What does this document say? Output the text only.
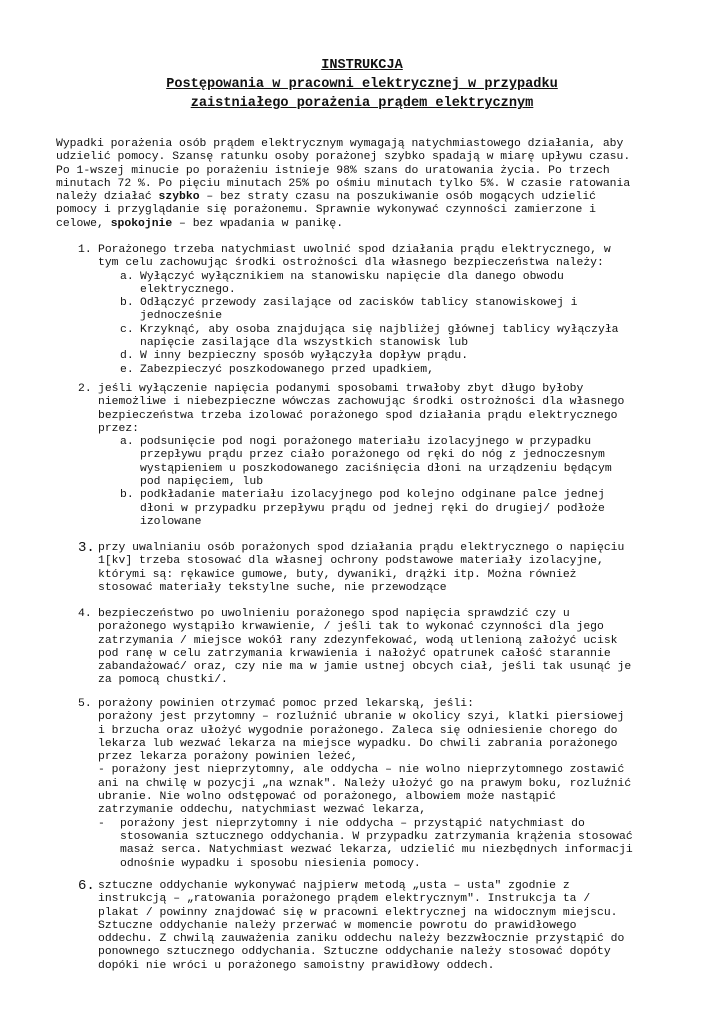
INSTRUKCJA
Postępowania w pracowni elektrycznej w przypadku
zaistniałego porażenia prądem elektrycznym
Wypadki porażenia osób prądem elektrycznym wymagają natychmiastowego działania, aby
udzielić pomocy. Szansę ratunku osoby porażonej szybko spadają w miarę upływu czasu.
Po 1-wszej minucie po porażeniu istnieje 98% szans do uratowania życia. Po trzech
minutach 72 %. Po pięciu minutach 25% po ośmiu minutach tylko 5%. W czasie ratowania
należy działać szybko – bez straty czasu na poszukiwanie osób mogących udzielić
pomocy i przyglądanie się porażonemu. Sprawnie wykonywać czynności zamierzone i
celowe, spokojnie – bez wpadania w panikę.
1. Porażonego trzeba natychmiast uwolnić spod działania prądu elektrycznego, w
tym celu zachowując środki ostrożności dla własnego bezpieczeństwa należy:
a. Wyłączyć wyłącznikiem na stanowisku napięcie dla danego obwodu
elektrycznego.
b. Odłączyć przewody zasilające od zacisków tablicy stanowiskowej i
jednocześnie
c. Krzyknąć, aby osoba znajdująca się najbliżej głównej tablicy wyłączyła
napięcie zasilające dla wszystkich stanowisk lub
d. W inny bezpieczny sposób wyłączyła dopływ prądu.
e. Zabezpieczyć poszkodowanego przed upadkiem,
2. jeśli wyłączenie napięcia podanymi sposobami trwałoby zbyt długo byłoby
niemożliwe i niebezpieczne wówczas zachowując środki ostrożności dla własnego
bezpieczeństwa trzeba izolować porażonego spod działania prądu elektrycznego
przez:
a. podsunięcie pod nogi porażonego materiału izolacyjnego w przypadku
przepływu prądu przez ciało porażonego od ręki do nóg z jednoczesnym
wystąpieniem u poszkodowanego zaciśnięcia dłoni na urządzeniu będącym
pod napięciem, lub
b. podkładanie materiału izolacyjnego pod kolejno odginane palce jednej
dłoni w przypadku przepływu prądu od jednej ręki do drugiej/ podłoże
izolowane
3. przy uwalnianiu osób porażonych spod działania prądu elektrycznego o napięciu
1[kv] trzeba stosować dla własnej ochrony podstawowe materiały izolacyjne,
którymi są: rękawice gumowe, buty, dywaniki, drążki itp. Można również
stosować materiały tekstylne suche, nie przewodzące
4. bezpieczeństwo po uwolnieniu porażonego spod napięcia sprawdzić czy u
porażonego wystąpiło krwawienie, / jeśli tak to wykonać czynności dla jego
zatrzymania / miejsce wokół rany zdezynfekować, wodą utlenioną założyć ucisk
pod ranę w celu zatrzymania krwawienia i nałożyć opatrunek całość starannie
zabandażować/ oraz, czy nie ma w jamie ustnej obcych ciał, jeśli tak usunąć je
za pomocą chustki/.
5. porażony powinien otrzymać pomoc przed lekarską, jeśli:
porażony jest przytomny – rozluźnić ubranie w okolicy szyi, klatki piersiowej
i brzucha oraz ułożyć wygodnie porażonego. Zaleca się odniesienie chorego do
lekarza lub wezwać lekarza na miejsce wypadku. Do chwili zabrania porażonego
przez lekarza porażony powinien leżeć,
- porażony jest nieprzytomny, ale oddycha – nie wolno nieprzytomnego zostawić
ani na chwilę w pozycji „na wznak". Należy ułożyć go na prawym boku, rozluźnić
ubranie. Nie wolno odstępować od porażonego, albowiem może nastąpić
zatrzymanie oddechu, natychmiast wezwać lekarza,
- porażony jest nieprzytomny i nie oddycha – przystąpić natychmiast do
stosowania sztucznego oddychania. W przypadku zatrzymania krążenia stosować
masaż serca. Natychmiast wezwać lekarza, udzielić mu niezbędnych informacji
odnośnie wypadku i sposobu niesienia pomocy.
6. sztuczne oddychanie wykonywać najpierw metodą „usta – usta" zgodnie z
instrukcją – „ratowania porażonego prądem elektrycznym". Instrukcja ta /
plakat / powinny znajdować się w pracowni elektrycznej na widocznym miejscu.
Sztuczne oddychanie należy przerwać w momencie powrotu do prawidłowego
oddechu. Z chwilą zauważenia zaniku oddechu należy bezzwłocznie przystąpić do
ponownego sztucznego oddychania. Sztuczne oddychanie należy stosować dopóty
dopóki nie wróci u porażonego samoistny prawidłowy oddech.
